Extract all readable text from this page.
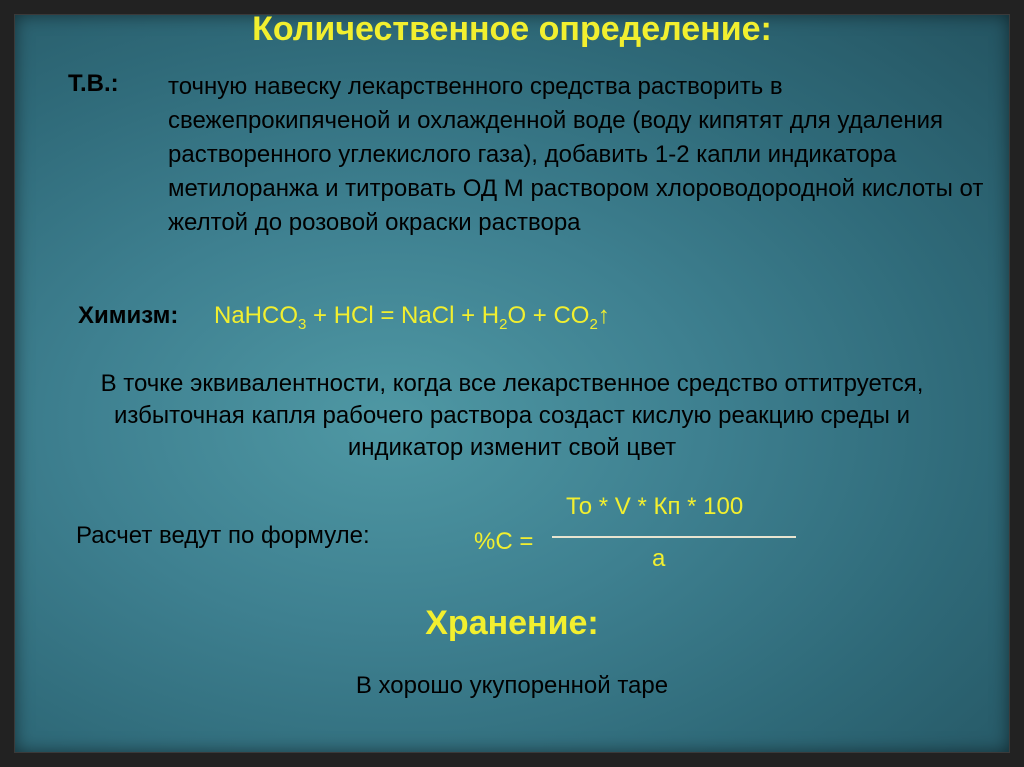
Количественное определение:
Т.В.: точную навеску лекарственного средства растворить в свежепрокипяченой и охлажденной воде (воду кипятят для удаления растворенного углекислого газа), добавить 1-2 капли индикатора метилоранжа и титровать ОД М раствором хлороводородной кислоты от желтой до розовой окраски раствора
Химизм: NaHCO$_3$ + HCl = NaCl + $H_2O$ + $CO_2↑$
В точке эквивалентности, когда все лекарственное средство оттитруется, избыточная капля рабочего раствора создаст кислую реакцию среды и индикатор изменит свой цвет
Расчет ведут по формуле:	%С =
То * V * Кп * 100
а
Хранение:
В хорошо укупоренной таре
